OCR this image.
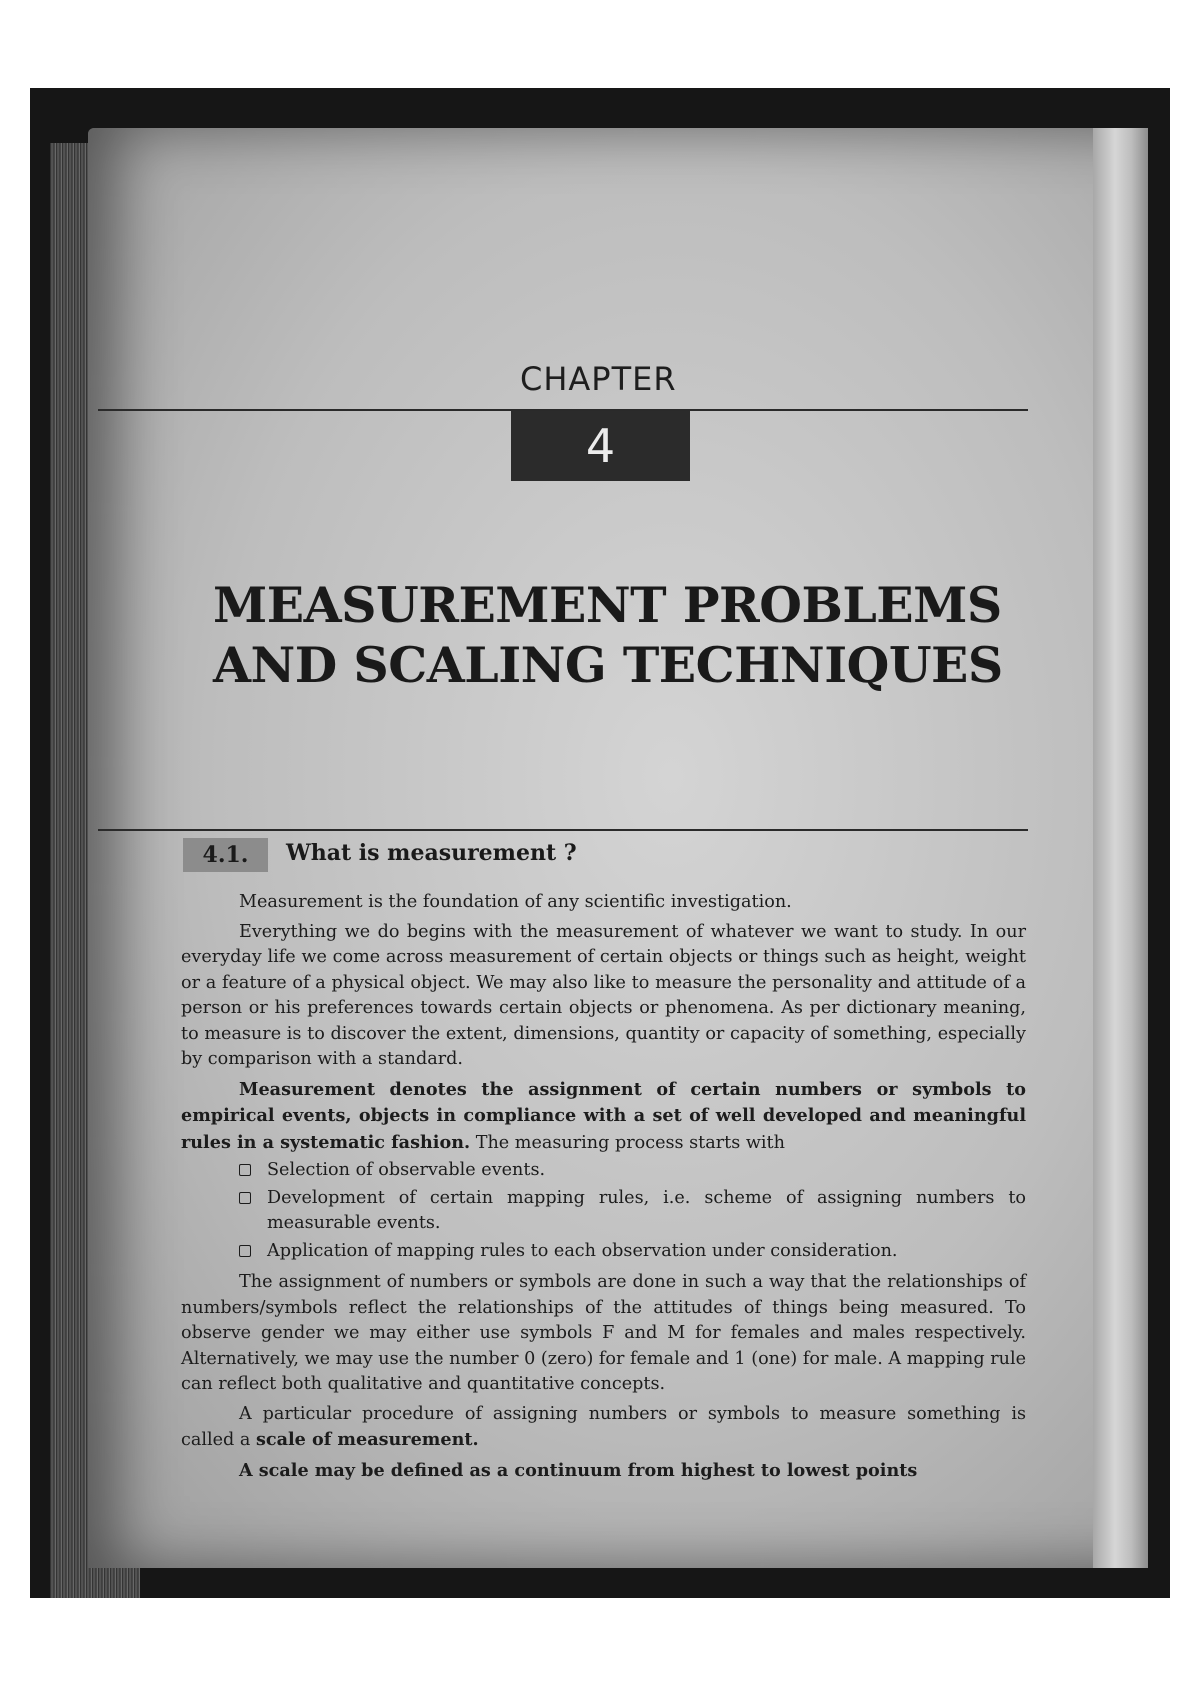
CHAPTER
4
MEASUREMENT PROBLEMS
AND SCALING TECHNIQUES
4.1.	What is measurement ?

Measurement is the foundation of any scientific investigation.

Everything we do begins with the measurement of whatever we want to study. In our everyday life we come across measurement of certain objects or things such as height, weight or a feature of a physical object. We may also like to measure the personality and attitude of a person or his preferences towards certain objects or phenomena. As per dictionary meaning, to measure is to discover the extent, dimensions, quantity or capacity of something, especially by comparison with a standard.

Measurement denotes the assignment of certain numbers or symbols to empirical events, objects in compliance with a set of well developed and meaningful rules in a systematic fashion. The measuring process starts with

Selection of observable events.
Development of certain mapping rules, i.e. scheme of assigning numbers to measurable events.
Application of mapping rules to each observation under consideration.

The assignment of numbers or symbols are done in such a way that the relationships of numbers/symbols reflect the relationships of the attitudes of things being measured. To observe gender we may either use symbols F and M for females and males respectively. Alternatively, we may use the number 0 (zero) for female and 1 (one) for male. A mapping rule can reflect both qualitative and quantitative concepts.

A particular procedure of assigning numbers or symbols to measure something is called a scale of measurement.

A scale may be defined as a continuum from highest to lowest points
